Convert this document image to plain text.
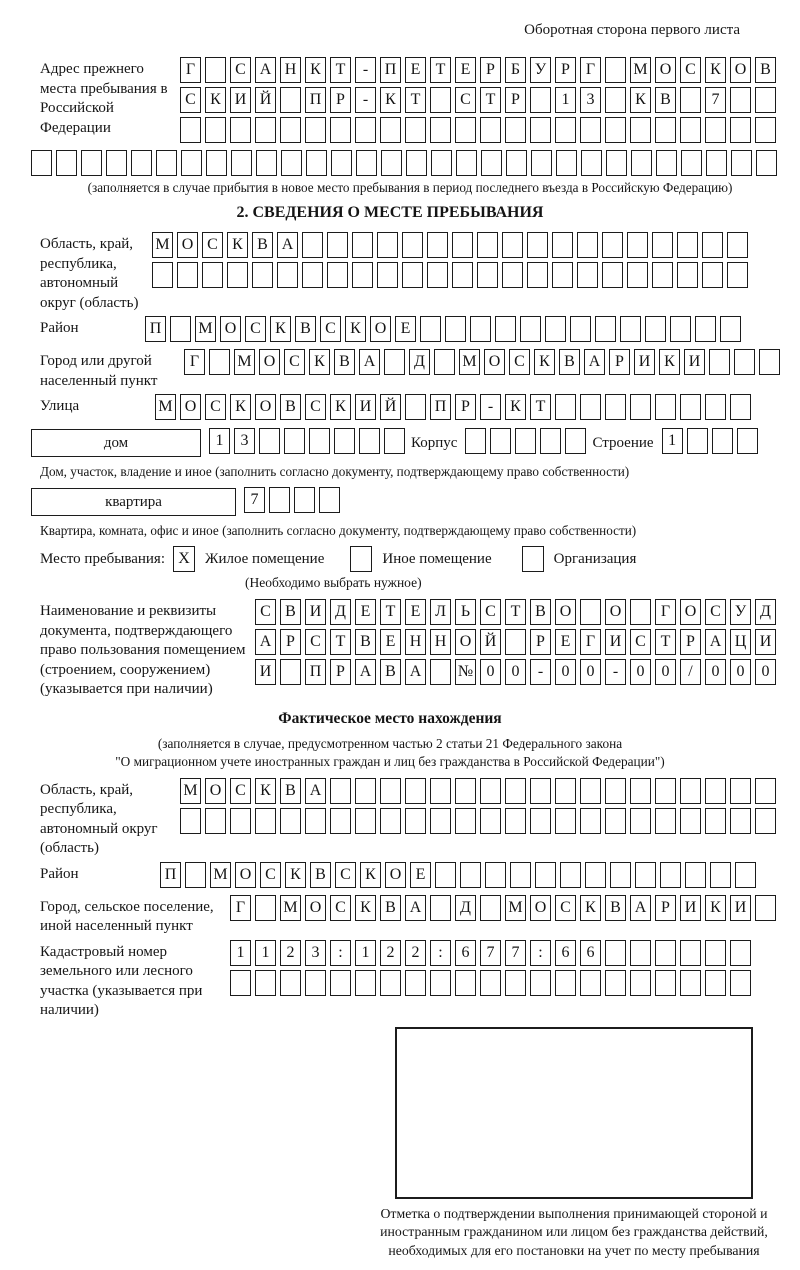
Оборотная сторона первого листа
Адрес прежнего места пребывания в Российской Федерации
Г	С А Н К Т	-	П Е Т Е Р Б У Р Г	М О С К О В
С К И Й П Р	-	К Т	С Т Р	1	3	К В	7
(заполняется в случае прибытия в новое место пребывания в период последнего въезда в Российскую Федерацию)
2. СВЕДЕНИЯ О МЕСТЕ ПРЕБЫВАНИЯ
Область, край, республика, автономный округ (область)
М О С К В А
Район	П М О С К В С К О Е
Город или другой населенный пункт
Г	М О С К В А	Д	М О С К В А Р И К И
Улица	М О С К О В С К И Й П Р	-	К Т
дом	1	3	Корпус	Строение 1
Дом, участок, владение и иное (заполнить согласно документу, подтверждающему право собственности)
квартира	7
Квартира, комната, офис и иное (заполнить согласно документу, подтверждающему право собственности)
Место пребывания: X	Жилое помещение	Иное помещение	Организация
(Необходимо выбрать нужное)
Наименование и реквизиты документа, подтверждающего право пользования помещением (строением, сооружением) (указывается при наличии)
С В И Д Е Т Е Л Ь С Т В О О	Г О С У Д
А Р С Т В Е Н Н О Й	Р Е Г И С Т Р А Ц И
И П Р А В А № 0	0	-	0	0	-	0	0	/	0	0	0
Фактическое место нахождения
(заполняется в случае, предусмотренном частью 2 статьи 21 Федерального закона
"О миграционном учете иностранных граждан и лиц без гражданства в Российской Федерации")
Область, край, республика, автономный округ (область)
М О С К В А
Район	П М О С К В С К О Е
Город, сельское поселение, иной населенный пункт
Г	М О С К В А	Д	М О С К В А Р И К И
Кадастровый номер земельного или лесного участка (указывается при наличии)
1	1	2	3	:	1	2	2	:	6	7	7	:	6	6
Отметка о подтверждении выполнения принимающей стороной и иностранным гражданином или лицом без гражданства действий, необходимых для его постановки на учет по месту пребывания
